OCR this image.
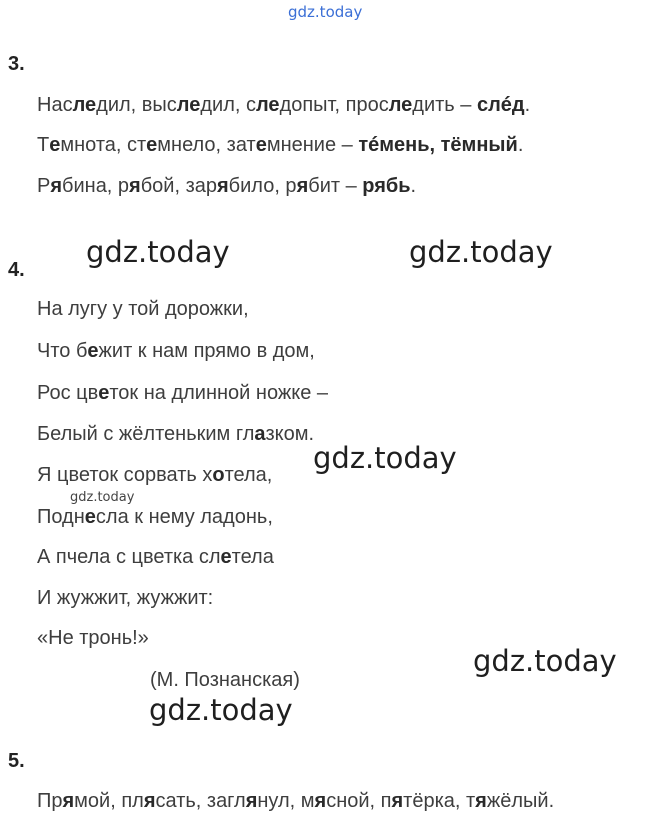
gdz.today
3.
Наследил, выследил, следопыт, проследить – слéд.
Темнота, стемнело, затемнение – тéмень, тёмный.
Рябина, рябой, зарябило, рябит – рябь.
4.
На лугу у той дорожки,
Что бежит к нам прямо в дом,
Рос цветок на длинной ножке –
Белый с жёлтеньким глазком.
Я цветок сорвать хотела,
Поднесла к нему ладонь,
А пчела с цветка слетела
И жужжит, жужжит:
«Не тронь!»
(М. Познанская)
5.
Прямой, плясать, заглянул, мясной, пятёрка, тяжёлый.
gdz.today	gdz.today
gdz.today
gdz.today
gdz.today
gdz.today
